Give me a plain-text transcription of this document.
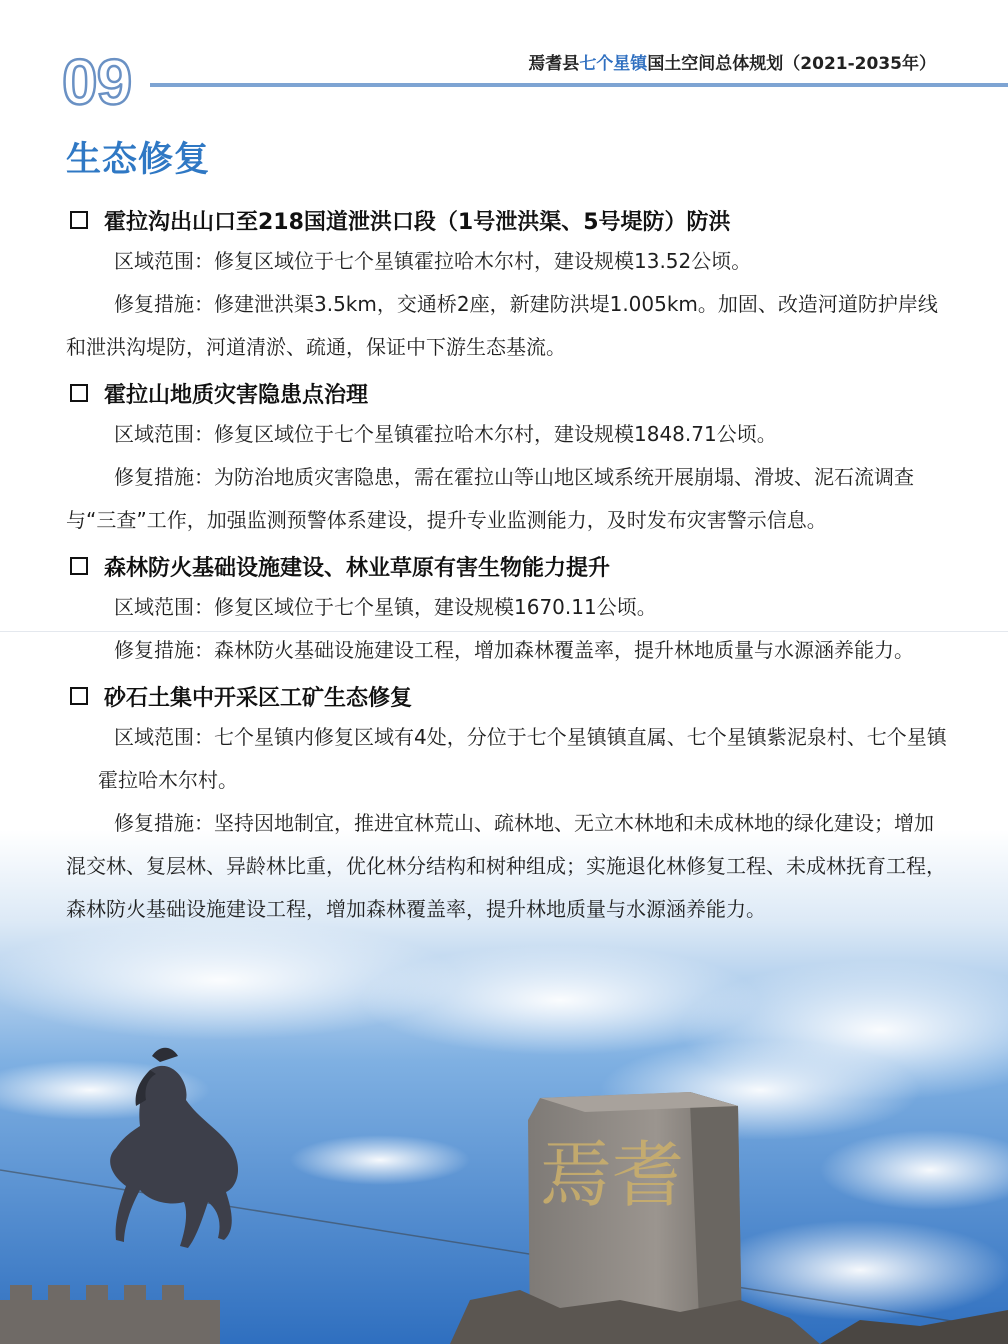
焉耆
09	焉耆县七个星镇国土空间总体规划（2021-2035年）
生态修复
霍拉沟出山口至218国道泄洪口段（1号泄洪渠、5号堤防）防洪
区域范围：修复区域位于七个星镇霍拉哈木尔村，建设规模13.52公顷。
修复措施：修建泄洪渠3.5km，交通桥2座，新建防洪堤1.005km。加固、改造河道防护岸线和泄洪沟堤防，河道清淤、疏通，保证中下游生态基流。
霍拉山地质灾害隐患点治理
区域范围：修复区域位于七个星镇霍拉哈木尔村，建设规模1848.71公顷。
修复措施：为防治地质灾害隐患，需在霍拉山等山地区域系统开展崩塌、滑坡、泥石流调查与“三查”工作，加强监测预警体系建设，提升专业监测能力，及时发布灾害警示信息。
森林防火基础设施建设、林业草原有害生物能力提升
区域范围：修复区域位于七个星镇，建设规模1670.11公顷。
修复措施：森林防火基础设施建设工程，增加森林覆盖率，提升林地质量与水源涵养能力。
砂石土集中开采区工矿生态修复
区域范围：七个星镇内修复区域有4处，分位于七个星镇镇直属、七个星镇紫泥泉村、七个星镇霍拉哈木尔村。
修复措施：坚持因地制宜，推进宜林荒山、疏林地、无立木林地和未成林地的绿化建设；增加混交林、复层林、异龄林比重，优化林分结构和树种组成；实施退化林修复工程、未成林抚育工程，森林防火基础设施建设工程，增加森林覆盖率，提升林地质量与水源涵养能力。
